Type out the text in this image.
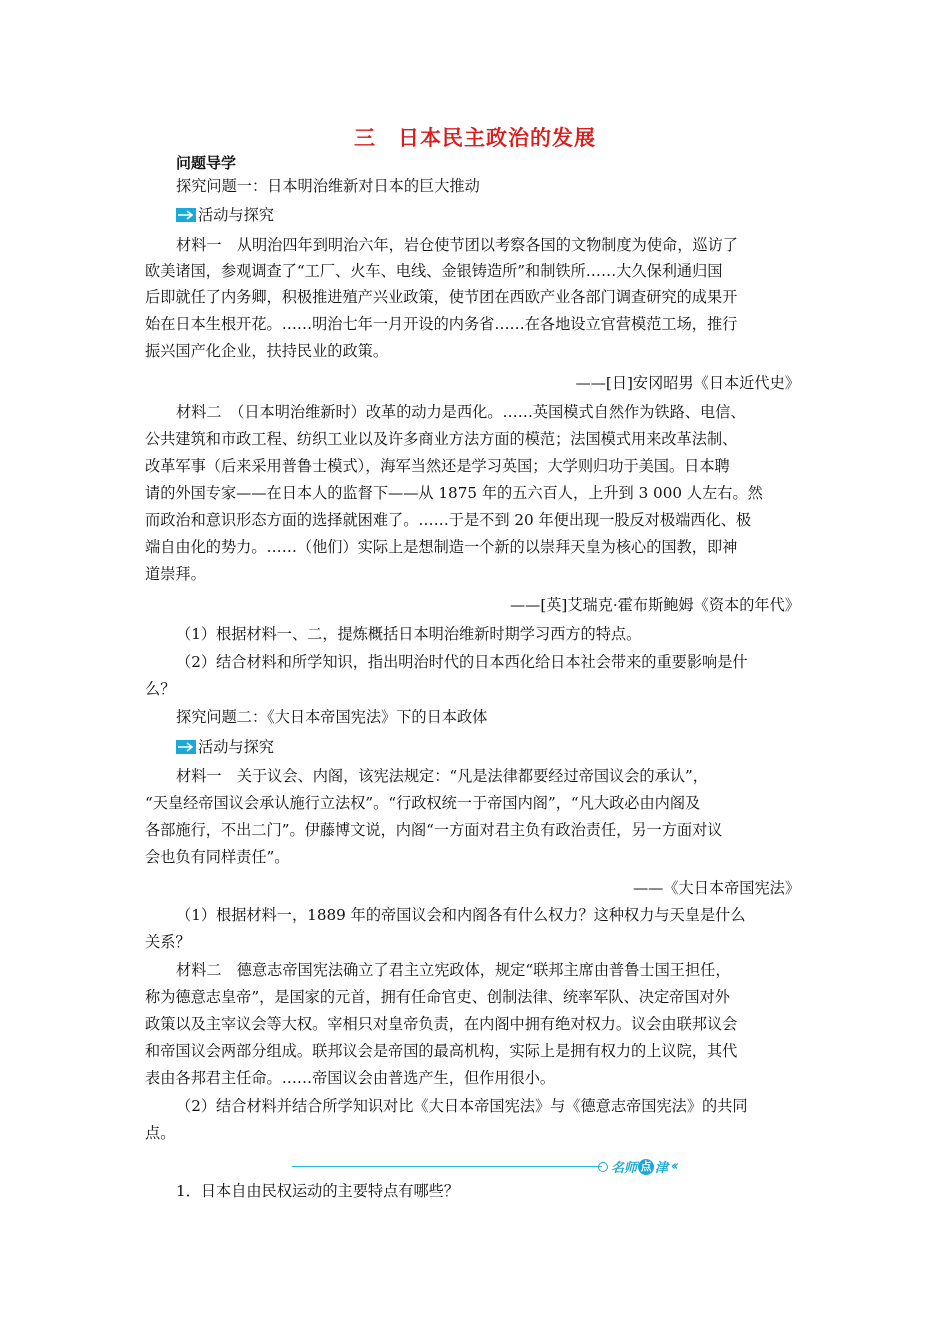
三　日本民主政治的发展
问题导学
探究问题一：日本明治维新对日本的巨大推动
活动与探究
材料一　从明治四年到明治六年，岩仓使节团以考察各国的文物制度为使命，巡访了
欧美诸国，参观调查了“工厂、火车、电线、金银铸造所”和制铁所……大久保利通归国
后即就任了内务卿，积极推进殖产兴业政策，使节团在西欧产业各部门调查研究的成果开
始在日本生根开花。……明治七年一月开设的内务省……在各地设立官营模范工场，推行
振兴国产化企业，扶持民业的政策。
——[日]安冈昭男《日本近代史》
材料二　（日本明治维新时）改革的动力是西化。……英国模式自然作为铁路、电信、
公共建筑和市政工程、纺织工业以及许多商业方法方面的模范；法国模式用来改革法制、
改革军事（后来采用普鲁士模式），海军当然还是学习英国；大学则归功于美国。日本聘
请的外国专家——在日本人的监督下——从 1875 年的五六百人，上升到 3 000 人左右。然
而政治和意识形态方面的选择就困难了。……于是不到 20 年便出现一股反对极端西化、极
端自由化的势力。……（他们）实际上是想制造一个新的以崇拜天皇为核心的国教，即神
道崇拜。
——[英]艾瑞克·霍布斯鲍姆《资本的年代》
（1）根据材料一、二，提炼概括日本明治维新时期学习西方的特点。
（2）结合材料和所学知识，指出明治时代的日本西化给日本社会带来的重要影响是什
么？
探究问题二：《大日本帝国宪法》下的日本政体
活动与探究
材料一　关于议会、内阁，该宪法规定：“凡是法律都要经过帝国议会的承认”，
“天皇经帝国议会承认施行立法权”。“行政权统一于帝国内阁”，“凡大政必由内阁及
各部施行，不出二门”。伊藤博文说，内阁“一方面对君主负有政治责任，另一方面对议
会也负有同样责任”。
——《大日本帝国宪法》
（1）根据材料一，1889 年的帝国议会和内阁各有什么权力？这种权力与天皇是什么
关系？
材料二　德意志帝国宪法确立了君主立宪政体，规定“联邦主席由普鲁士国王担任，
称为德意志皇帝”，是国家的元首，拥有任命官吏、创制法律、统率军队、决定帝国对外
政策以及主宰议会等大权。宰相只对皇帝负责，在内阁中拥有绝对权力。议会由联邦议会
和帝国议会两部分组成。联邦议会是帝国的最高机构，实际上是拥有权力的上议院，其代
表由各邦君主任命。……帝国议会由普选产生，但作用很小。
（2）结合材料并结合所学知识对比《大日本帝国宪法》与《德意志帝国宪法》的共同
点。
名师 点 津 ‹‹
1．日本自由民权运动的主要特点有哪些？
